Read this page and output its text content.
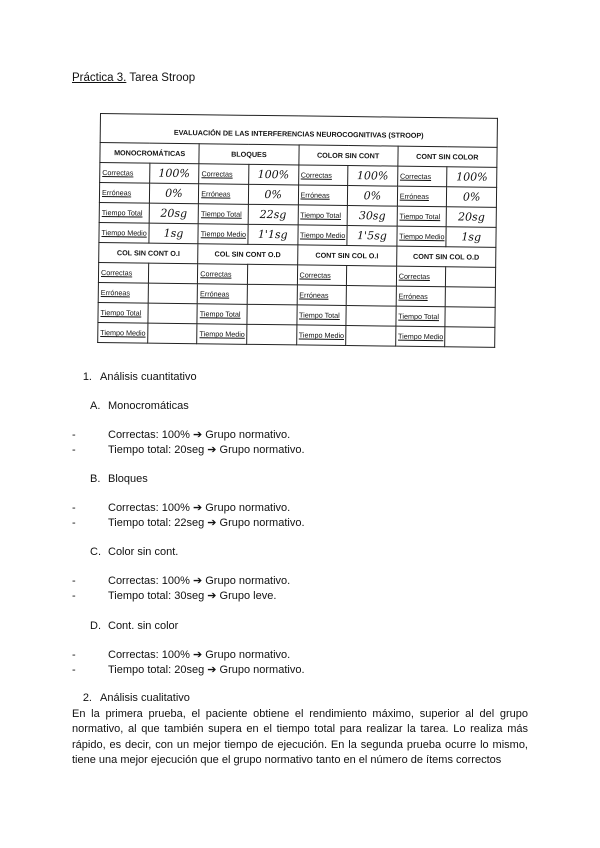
Práctica 3. Tarea Stroop
EVALUACIÓN DE LAS INTERFERENCIAS NEUROCOGNITIVAS (STROOP)							
MONOCROMÁTICAS		BLOQUES		COLOR SIN CONT		CONT SIN COLOR	
Correctas	100%	Correctas	100%	Correctas	100%	Correctas	100%
Erróneas	0%	Erróneas	0%	Erróneas	0%	Erróneas	0%
Tiempo Total	20sg	Tiempo Total	22sg	Tiempo Total	30sg	Tiempo Total	20sg
Tiempo Medio	1sg	Tiempo Medio	1'1sg	Tiempo Medio	1'5sg	Tiempo Medio	1sg
COL SIN CONT O.I		COL SIN CONT O.D		CONT SIN COL O.I		CONT SIN COL O.D	
Correctas		Correctas		Correctas		Correctas	
Erróneas		Erróneas		Erróneas		Erróneas	
Tiempo Total		Tiempo Total		Tiempo Total		Tiempo Total	
Tiempo Medio		Tiempo Medio		Tiempo Medio		Tiempo Medio	
1. Análisis cuantitativo
A. Monocromáticas
-	Correctas: 100% ➔ Grupo normativo.
-	Tiempo total: 20seg ➔ Grupo normativo.
B. Bloques
-	Correctas: 100% ➔ Grupo normativo.
-	Tiempo total: 22seg ➔ Grupo normativo.
C. Color sin cont.
-	Correctas: 100% ➔ Grupo normativo.
-	Tiempo total: 30seg ➔ Grupo leve.
D. Cont. sin color
-	Correctas: 100% ➔ Grupo normativo.
-	Tiempo total: 20seg ➔ Grupo normativo.
2. Análisis cualitativo
En la primera prueba, el paciente obtiene el rendimiento máximo, superior al del grupo normativo, al que también supera en el tiempo total para realizar la tarea. Lo realiza más rápido, es decir, con un mejor tiempo de ejecución. En la segunda prueba ocurre lo mismo, tiene una mejor ejecución que el grupo normativo tanto en el número de ítems correctos
